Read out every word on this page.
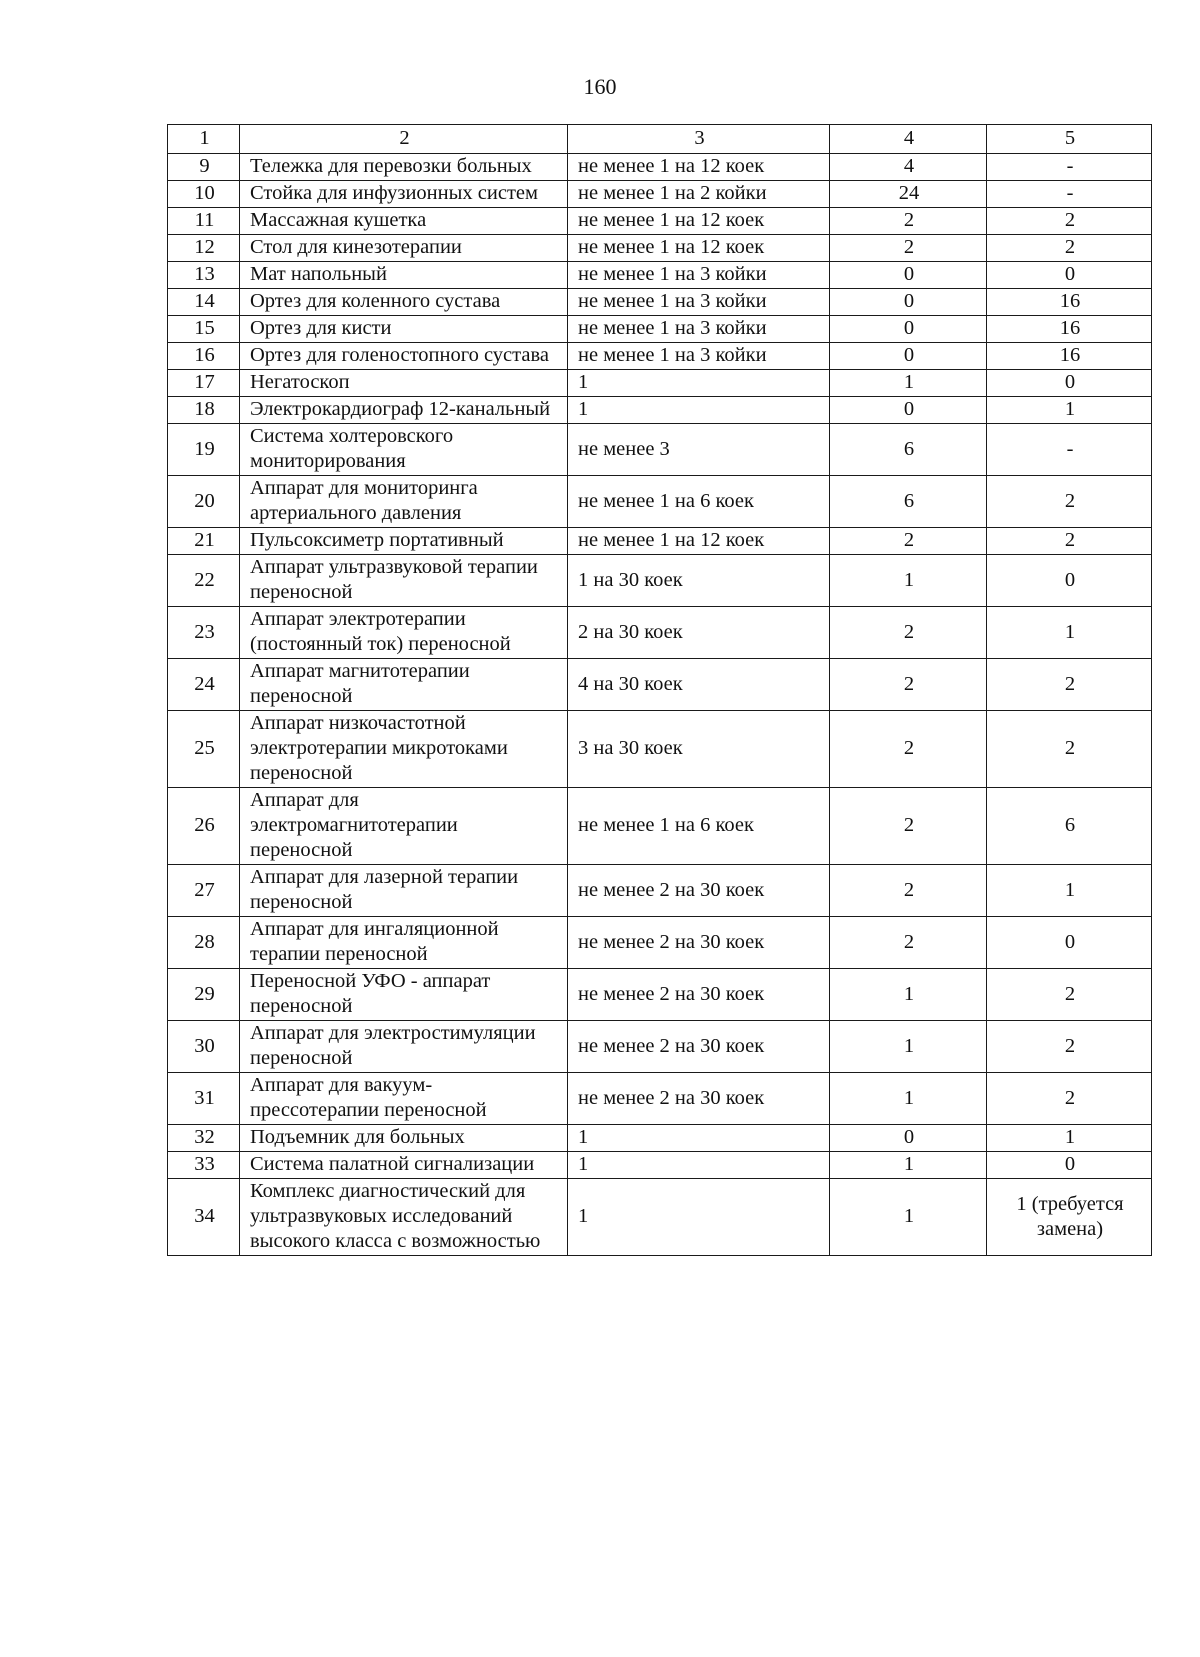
160
1	2	3	4	5
9	Тележка для перевозки больных	не менее 1 на 12 коек	4	-
10	Стойка для инфузионных систем	не менее 1 на 2 койки	24	-
11	Массажная кушетка	не менее 1 на 12 коек	2	2
12	Стол для кинезотерапии	не менее 1 на 12 коек	2	2
13	Мат напольный	не менее 1 на 3 койки	0	0
14	Ортез для коленного сустава	не менее 1 на 3 койки	0	16
15	Ортез для кисти	не менее 1 на 3 койки	0	16
16	Ортез для голеностопного сустава	не менее 1 на 3 койки	0	16
17	Негатоскоп	1	1	0
18	Электрокардиограф 12-канальный	1	0	1
19	Система холтеровского мониторирования	не менее 3	6	-
20	Аппарат для мониторинга артериального давления	не менее 1 на 6 коек	6	2
21	Пульсоксиметр портативный	не менее 1 на 12 коек	2	2
22	Аппарат ультразвуковой терапии переносной	1 на 30 коек	1	0
23	Аппарат электротерапии (постоянный ток) переносной	2 на 30 коек	2	1
24	Аппарат магнитотерапии переносной	4 на 30 коек	2	2
25	Аппарат низкочастотной электротерапии микротоками переносной	3 на 30 коек	2	2
26	Аппарат для электромагнитотерапии переносной	не менее 1 на 6 коек	2	6
27	Аппарат для лазерной терапии переносной	не менее 2 на 30 коек	2	1
28	Аппарат для ингаляционной терапии переносной	не менее 2 на 30 коек	2	0
29	Переносной УФО - аппарат переносной	не менее 2 на 30 коек	1	2
30	Аппарат для электростимуляции переносной	не менее 2 на 30 коек	1	2
31	Аппарат для вакуум-прессотерапии переносной	не менее 2 на 30 коек	1	2
32	Подъемник для больных	1	0	1
33	Система палатной сигнализации	1	1	0
34	Комплекс диагностический для ультразвуковых исследований высокого класса с возможностью	1	1	1 (требуется замена)
